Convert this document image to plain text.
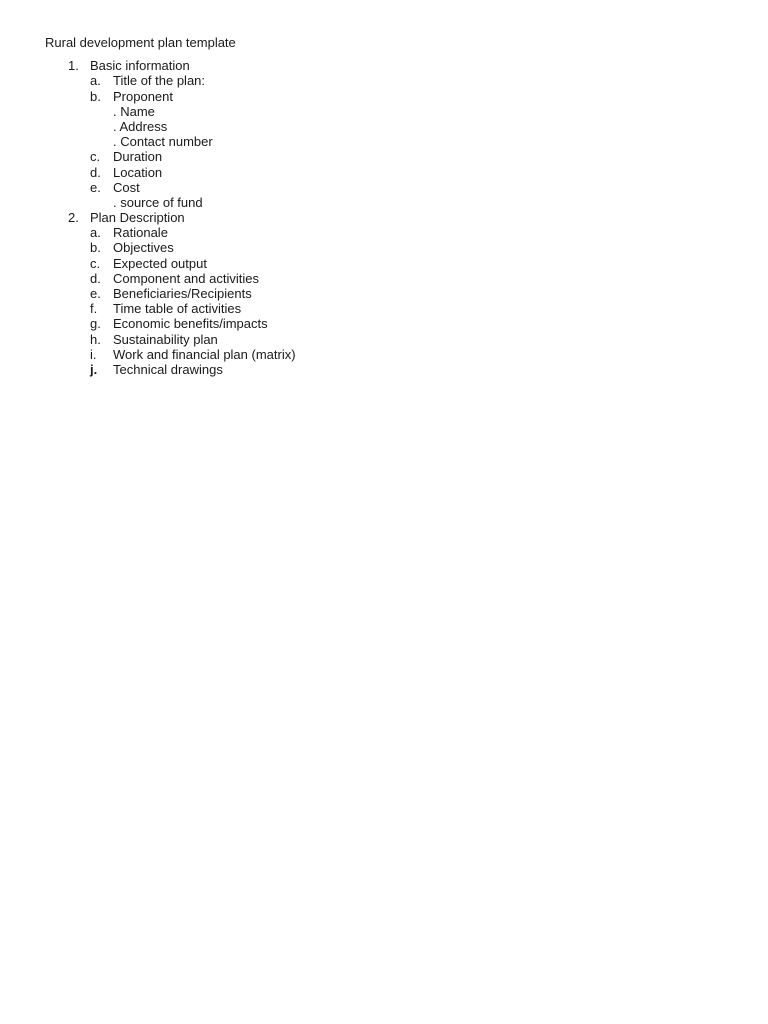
Rural development plan template
1. Basic information
a. Title of the plan:
b. Proponent
. Name
. Address
. Contact number
c. Duration
d. Location
e. Cost
. source of fund
2. Plan Description
a. Rationale
b. Objectives
c. Expected output
d. Component and activities
e. Beneficiaries/Recipients
f.	Time table of activities
g. Economic benefits/impacts
h. Sustainability plan
i.	Work and financial plan (matrix)
j.	Technical drawings
